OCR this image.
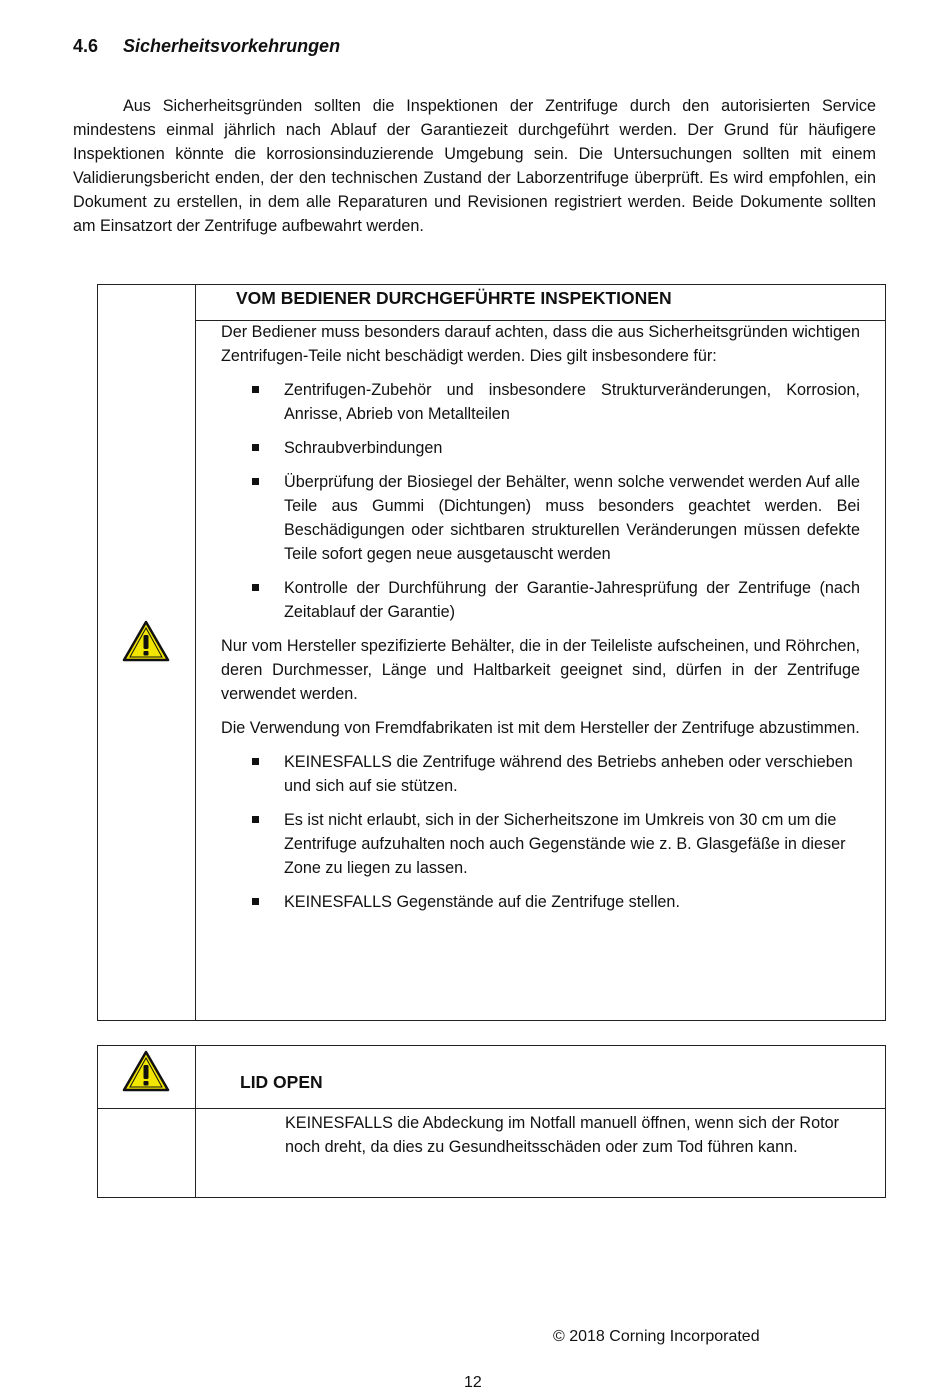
4.6 Sicherheitsvorkehrungen
Aus Sicherheitsgründen sollten die Inspektionen der Zentrifuge durch den autorisierten Service mindestens einmal jährlich nach Ablauf der Garantiezeit durchgeführt werden. Der Grund für häufigere Inspektionen könnte die korrosionsinduzierende Umgebung sein. Die Untersuchungen sollten mit einem Validierungsbericht enden, der den technischen Zustand der Laborzentrifuge überprüft. Es wird empfohlen, ein Dokument zu erstellen, in dem alle Reparaturen und Revisionen registriert werden. Beide Dokumente sollten am Einsatzort der Zentrifuge aufbewahrt werden.
VOM BEDIENER DURCHGEFÜHRTE INSPEKTIONEN

Der Bediener muss besonders darauf achten, dass die aus Sicherheitsgründen wichtigen Zentrifugen-Teile nicht beschädigt werden. Dies gilt insbesondere für:

Zentrifugen-Zubehör und insbesondere Strukturveränderungen, Korrosion, Anrisse, Abrieb von Metallteilen
Schraubverbindungen
Überprüfung der Biosiegel der Behälter, wenn solche verwendet werden Auf alle Teile aus Gummi (Dichtungen) muss besonders geachtet werden. Bei Beschädigungen oder sichtbaren strukturellen Veränderungen müssen defekte Teile sofort gegen neue ausgetauscht werden
Kontrolle der Durchführung der Garantie-Jahresprüfung der Zentrifuge (nach Zeitablauf der Garantie)

Nur vom Hersteller spezifizierte Behälter, die in der Teileliste aufscheinen, und Röhrchen, deren Durchmesser, Länge und Haltbarkeit geeignet sind, dürfen in der Zentrifuge verwendet werden.

Die Verwendung von Fremdfabrikaten ist mit dem Hersteller der Zentrifuge abzustimmen.

KEINESFALLS die Zentrifuge während des Betriebs anheben oder verschieben und sich auf sie stützen.
Es ist nicht erlaubt, sich in der Sicherheitszone im Umkreis von 30 cm um die Zentrifuge aufzuhalten noch auch Gegenstände wie z. B. Glasgefäße in dieser Zone zu liegen zu lassen.
KEINESFALLS Gegenstände auf die Zentrifuge stellen.
LID OPEN
KEINESFALLS die Abdeckung im Notfall manuell öffnen, wenn sich der Rotor noch dreht, da dies zu Gesundheitsschäden oder zum Tod führen kann.
© 2018 Corning Incorporated
12
